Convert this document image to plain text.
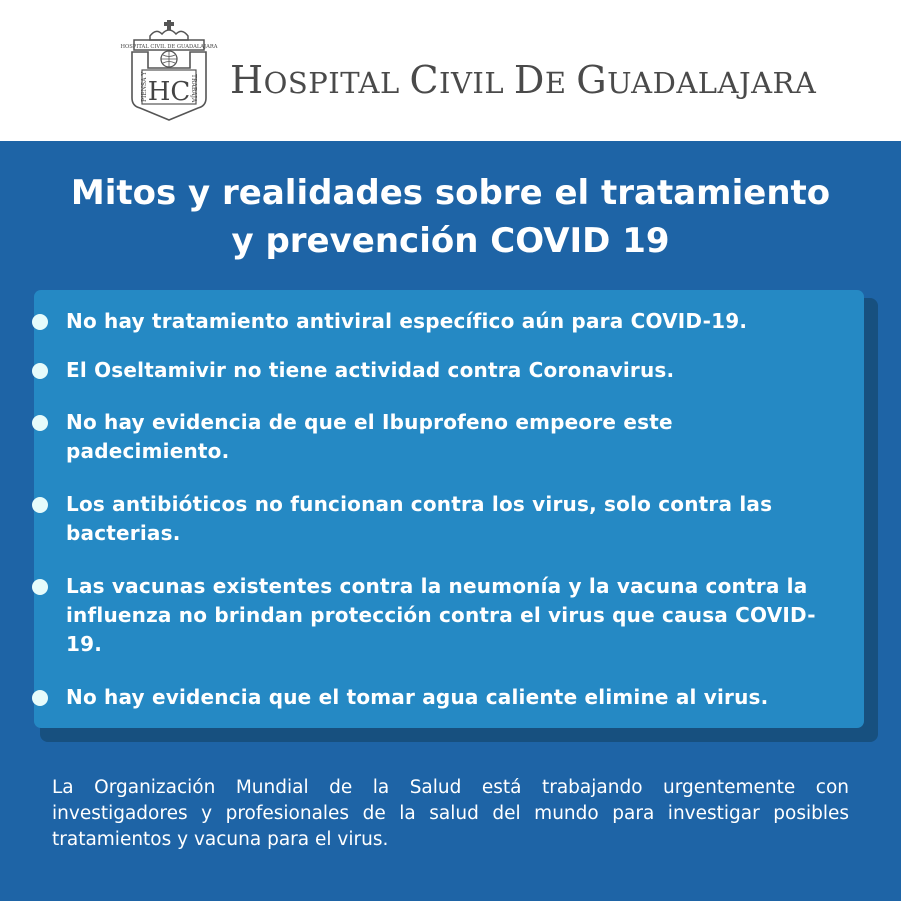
HOSPITAL CIVIL DE GUADALAJARA
PIENSA Y	TRABAJA
HC HOSPITAL CIVIL DE GUADALAJARA
Mitos y realidades sobre el tratamiento
y prevención COVID 19
No hay tratamiento antiviral específico aún para COVID-19.
El Oseltamivir no tiene actividad contra Coronavirus.
No hay evidencia de que el Ibuprofeno empeore este padecimiento.
Los antibióticos no funcionan contra los virus, solo contra las bacterias.
Las vacunas existentes contra la neumonía y la vacuna contra la influenza no brindan protección contra el virus que causa COVID-19.
No hay evidencia que el tomar agua caliente elimine al virus.
La Organización Mundial de la Salud está trabajando urgentemente con investigadores y profesionales de la salud del mundo para investigar posibles tratamientos y vacuna para el virus.
